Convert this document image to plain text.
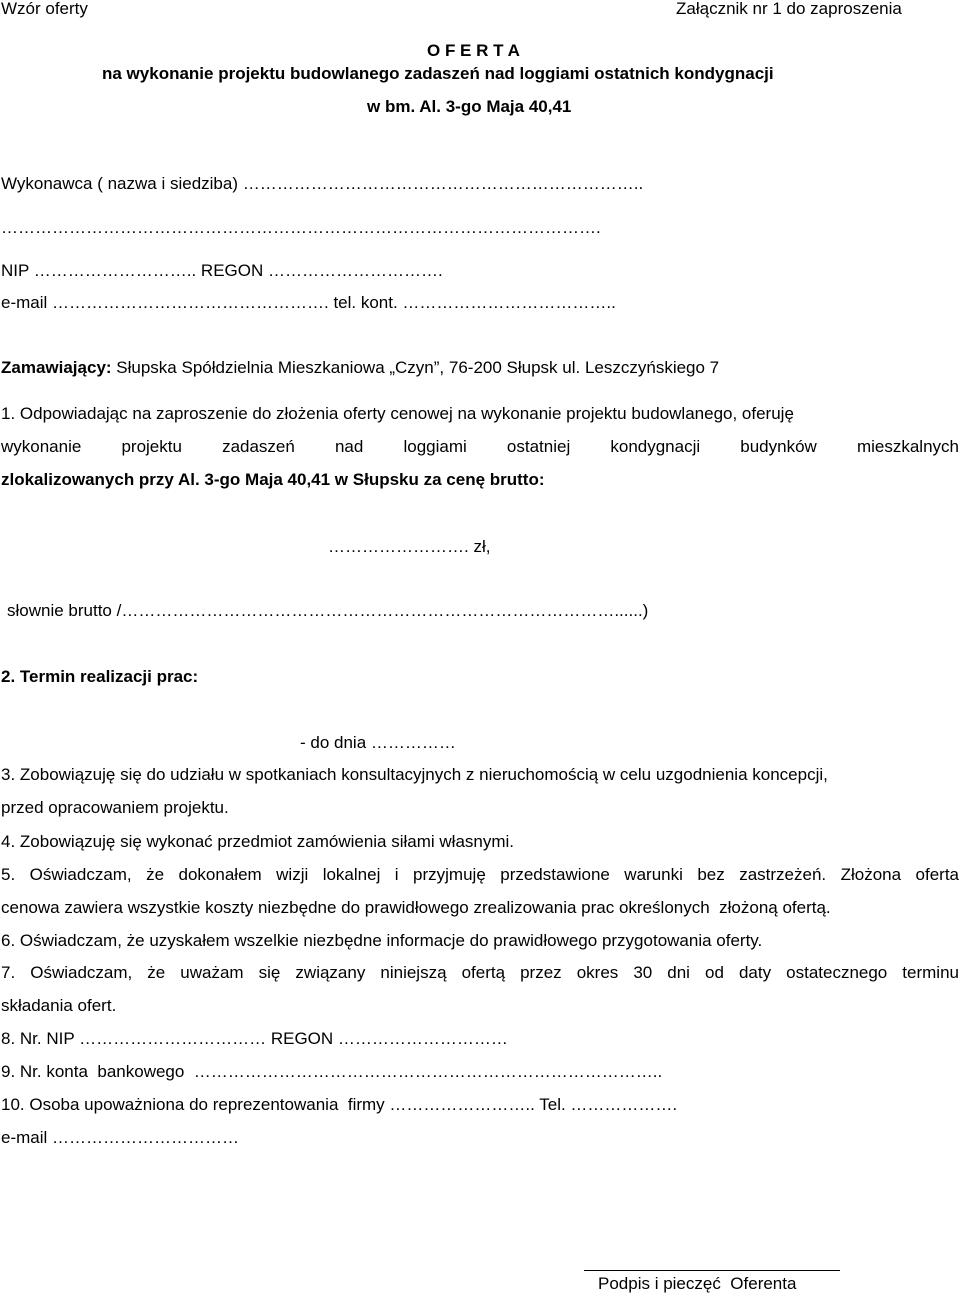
Wzór oferty	Załącznik nr 1 do zaproszenia
O F E R T A
na wykonanie projektu budowlanego zadaszeń nad loggiami ostatnich kondygnacji
w bm. Al. 3-go Maja 40,41
Wykonawca ( nazwa i siedziba) ……………………………………………………………..
…………………………………………………………………………………………….
NIP ……………………….. REGON ………………………….
e-mail …………………………………………. tel. kont. ………………………………..
Zamawiający: Słupska Spółdzielnia Mieszkaniowa „Czyn”, 76-200 Słupsk ul. Leszczyńskiego 7
1. Odpowiadając na zaproszenie do złożenia oferty cenowej na wykonanie projektu budowlanego, oferuję
wykonanie projektu zadaszeń nad loggiami ostatniej kondygnacji budynków mieszkalnych
zlokalizowanych przy Al. 3-go Maja 40,41 w Słupsku za cenę brutto:
……………………. zł,
słownie brutto /……………………………………………………………………………......)
2. Termin realizacji prac:
- do dnia ……………
3. Zobowiązuję się do udziału w spotkaniach konsultacyjnych z nieruchomością w celu uzgodnienia koncepcji,
przed opracowaniem projektu.
4. Zobowiązuję się wykonać przedmiot zamówienia siłami własnymi.
5. Oświadczam, że dokonałem wizji lokalnej i przyjmuję przedstawione warunki bez zastrzeżeń. Złożona oferta
cenowa zawiera wszystkie koszty niezbędne do prawidłowego zrealizowania prac określonych  złożoną ofertą.
6. Oświadczam, że uzyskałem wszelkie niezbędne informacje do prawidłowego przygotowania oferty.
7. Oświadczam, że uważam się związany niniejszą ofertą przez okres 30 dni od daty ostatecznego terminu
składania ofert.
8. Nr. NIP …………………………… REGON …………………………
9. Nr. konta  bankowego  ………………………………………………………………………..
10. Osoba upoważniona do reprezentowania  firmy …………………….. Tel. ……………….
e-mail ……………………………
Podpis i pieczęć  Oferenta
